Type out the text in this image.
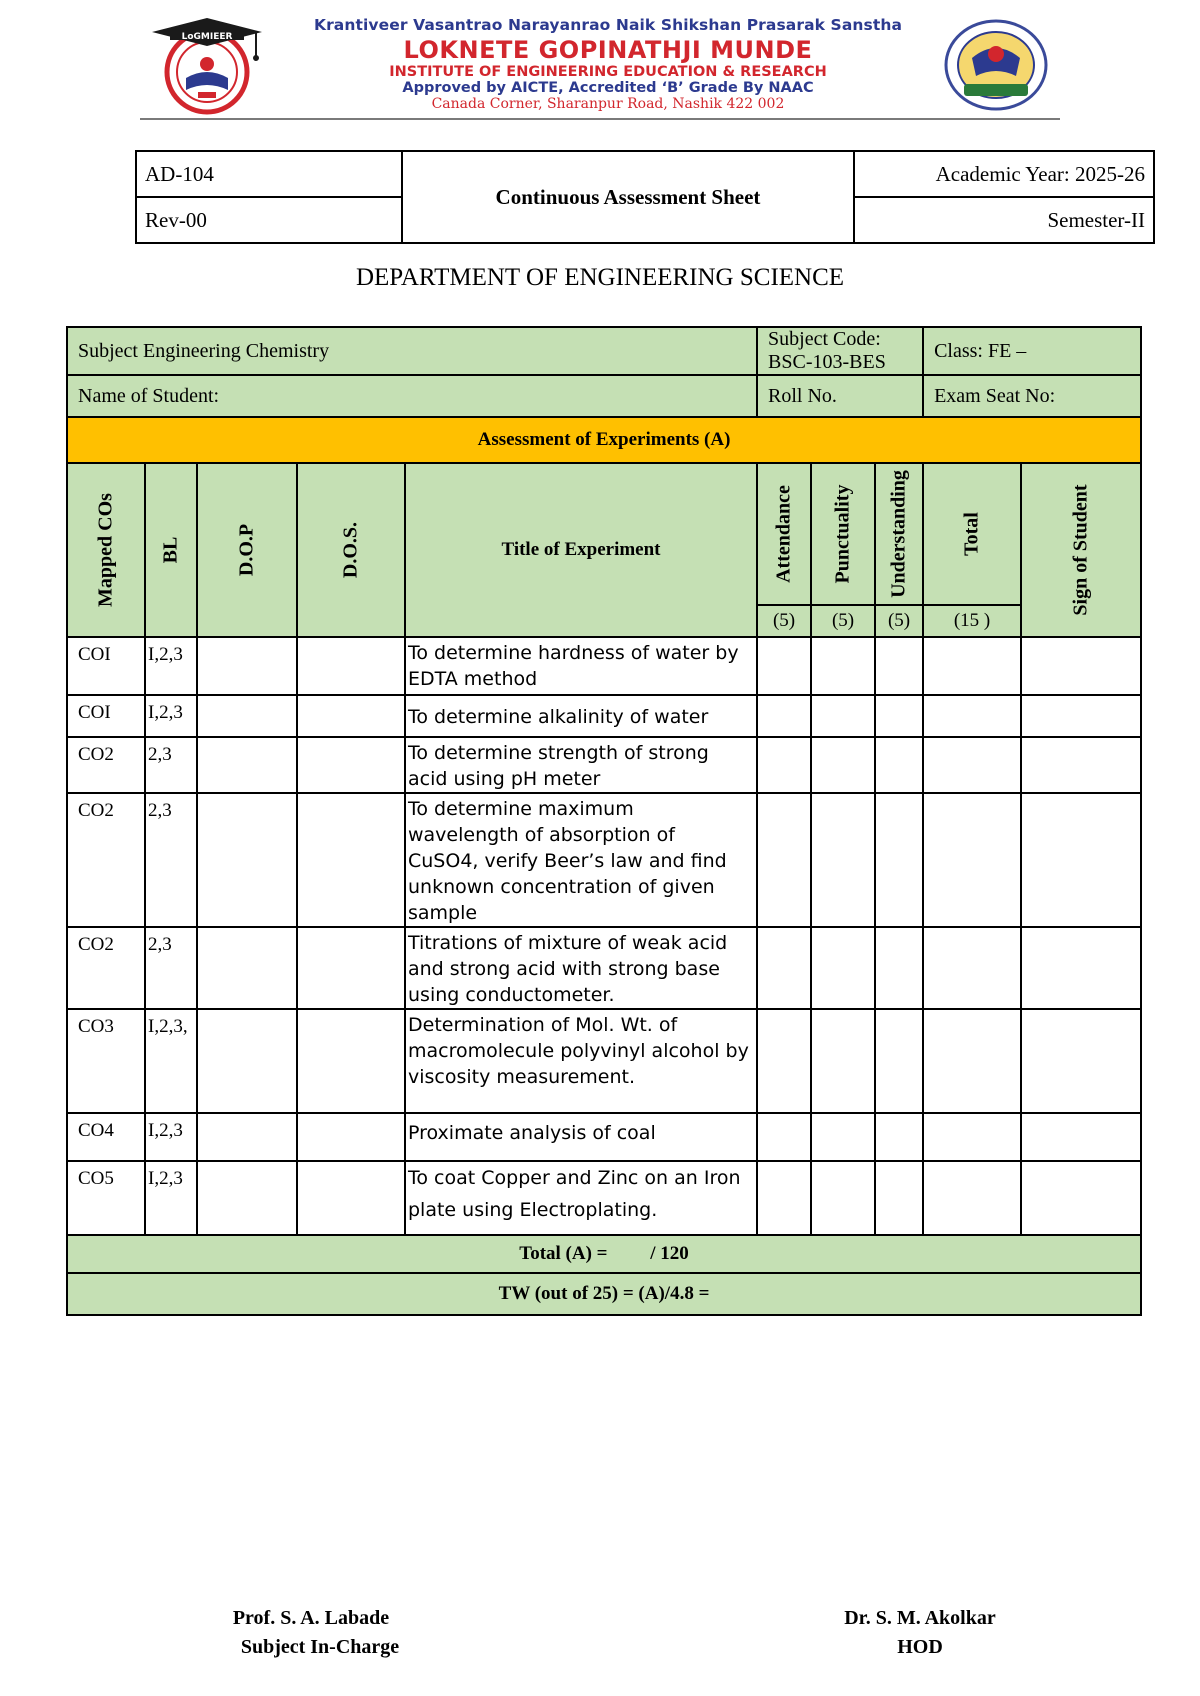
LoGMIEER
Krantiveer Vasantrao Narayanrao Naik Shikshan Prasarak Sanstha
LOKNETE GOPINATHJI MUNDE
INSTITUTE OF ENGINEERING EDUCATION & RESEARCH
Approved by AICTE, Accredited ‘B’ Grade By NAAC
Canada Corner, Sharanpur Road, Nashik 422 002
AD-104	Continuous Assessment Sheet	Academic Year: 2025-26
Rev-00		Semester-II
DEPARTMENT OF ENGINEERING SCIENCE
Subject Engineering Chemistry					Subject Code: BSC-103-BES			Class: FE –	
Name of Student:					Roll No.			Exam Seat No:	
Assessment of Experiments (A)									

Mapped COs	BL	D.O.P	D.O.S.	Title of Experiment	Attendance	Punctuality	Understanding	Total	Sign of Student

					(5)	(5)	(5)	(15 )	
COI	I,2,3			To determine hardness of water by EDTA method					
COI	I,2,3			To determine alkalinity of water					
CO2	2,3			To determine strength of strong acid using pH meter					
CO2	2,3			To determine maximum wavelength of absorption of CuSO4, verify Beer’s law and find unknown concentration of given sample					
CO2	2,3			Titrations of mixture of weak acid and strong acid with strong base using conductometer.					
CO3	I,2,3,			Determination of Mol. Wt. of macromolecule polyvinyl alcohol by viscosity measurement.					
CO4	I,2,3			Proximate analysis of coal					
CO5	I,2,3			To coat Copper and Zinc on an Iron plate using Electroplating.					
Total (A) =         / 120									
TW (out of 25) = (A)/4.8 =									
Prof. S. A. Labade
Subject In-Charge
Dr. S. M. Akolkar
HOD
